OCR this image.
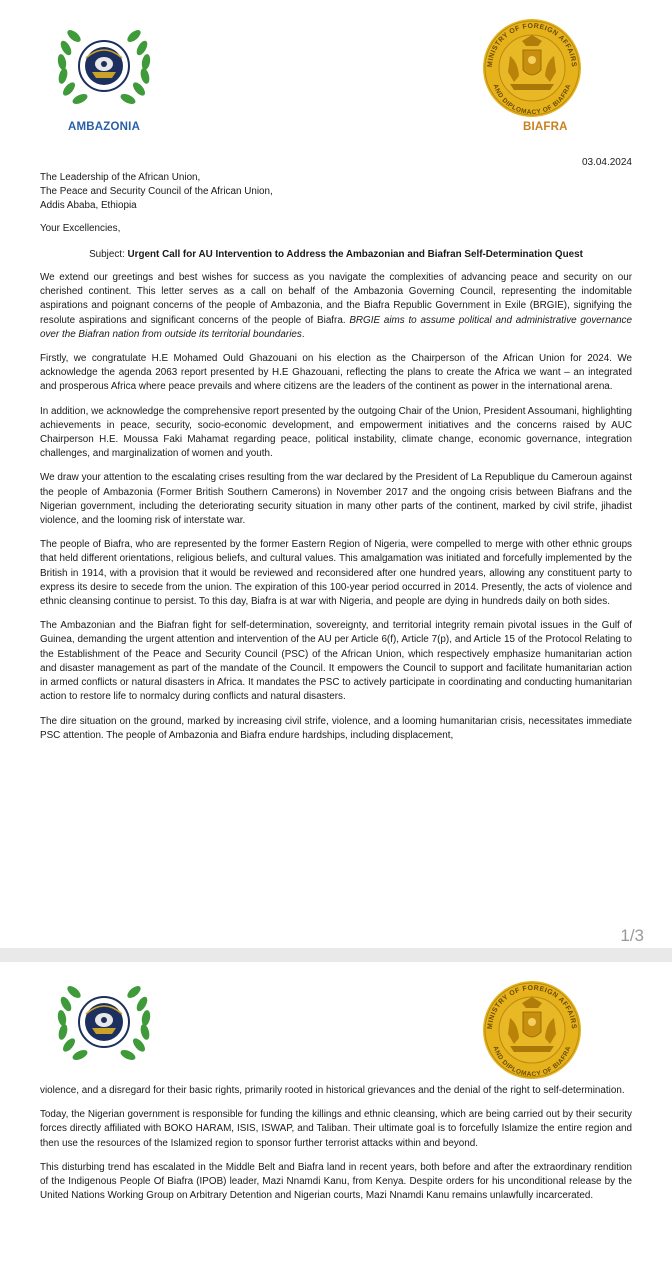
AMBAZONIA
MINISTRY OF FOREIGN AFFAIRS
AND DIPLOMACY OF BIAFRA
BIAFRA
03.04.2024
The Leadership of the African Union,
The Peace and Security Council of the African Union,
Addis Ababa, Ethiopia

Your Excellencies,

Subject: Urgent Call for AU Intervention to Address the Ambazonian and Biafran Self-Determination Quest

We extend our greetings and best wishes for success as you navigate the complexities of advancing peace and security on our cherished continent. This letter serves as a call on behalf of the Ambazonia Governing Council, representing the indomitable aspirations and poignant concerns of the people of Ambazonia, and the Biafra Republic Government in Exile (BRGIE), signifying the resolute aspirations and significant concerns of the people of Biafra. BRGIE aims to assume political and administrative governance over the Biafran nation from outside its territorial boundaries.

Firstly, we congratulate H.E Mohamed Ould Ghazouani on his election as the Chairperson of the African Union for 2024. We acknowledge the agenda 2063 report presented by H.E Ghazouani, reflecting the plans to create the Africa we want – an integrated and prosperous Africa where peace prevails and where citizens are the leaders of the continent as power in the international arena.

In addition, we acknowledge the comprehensive report presented by the outgoing Chair of the Union, President Assoumani, highlighting achievements in peace, security, socio-economic development, and empowerment initiatives and the concerns raised by AUC Chairperson H.E. Moussa Faki Mahamat regarding peace, political instability, climate change, economic governance, integration challenges, and marginalization of women and youth.

We draw your attention to the escalating crises resulting from the war declared by the President of La Republique du Cameroun against the people of Ambazonia (Former British Southern Camerons) in November 2017 and the ongoing crisis between Biafrans and the Nigerian government, including the deteriorating security situation in many other parts of the continent, marked by civil strife, jihadist violence, and the looming risk of interstate war.

The people of Biafra, who are represented by the former Eastern Region of Nigeria, were compelled to merge with other ethnic groups that held different orientations, religious beliefs, and cultural values. This amalgamation was initiated and forcefully implemented by the British in 1914, with a provision that it would be reviewed and reconsidered after one hundred years, allowing any constituent party to express its desire to secede from the union. The expiration of this 100-year period occurred in 2014. Presently, the acts of violence and ethnic cleansing continue to persist. To this day, Biafra is at war with Nigeria, and people are dying in hundreds daily on both sides.

The Ambazonian and the Biafran fight for self-determination, sovereignty, and territorial integrity remain pivotal issues in the Gulf of Guinea, demanding the urgent attention and intervention of the AU per Article 6(f), Article 7(p), and Article 15 of the Protocol Relating to the Establishment of the Peace and Security Council (PSC) of the African Union, which respectively emphasize humanitarian action and disaster management as part of the mandate of the Council. It empowers the Council to support and facilitate humanitarian action in armed conflicts or natural disasters in Africa. It mandates the PSC to actively participate in coordinating and conducting humanitarian action to restore life to normalcy during conflicts and natural disasters.

The dire situation on the ground, marked by increasing civil strife, violence, and a looming humanitarian crisis, necessitates immediate PSC attention. The people of Ambazonia and Biafra endure hardships, including displacement,

1/3
MINISTRY OF FOREIGN AFFAIRS
AND DIPLOMACY OF BIAFRA

violence, and a disregard for their basic rights, primarily rooted in historical grievances and the denial of the right to self-determination.

Today, the Nigerian government is responsible for funding the killings and ethnic cleansing, which are being carried out by their security forces directly affiliated with BOKO HARAM, ISIS, ISWAP, and Taliban. Their ultimate goal is to forcefully Islamize the entire region and then use the resources of the Islamized region to sponsor further terrorist attacks within and beyond.

This disturbing trend has escalated in the Middle Belt and Biafra land in recent years, both before and after the extraordinary rendition of the Indigenous People Of Biafra (IPOB) leader, Mazi Nnamdi Kanu, from Kenya. Despite orders for his unconditional release by the United Nations Working Group on Arbitrary Detention and Nigerian courts, Mazi Nnamdi Kanu remains unlawfully incarcerated.
